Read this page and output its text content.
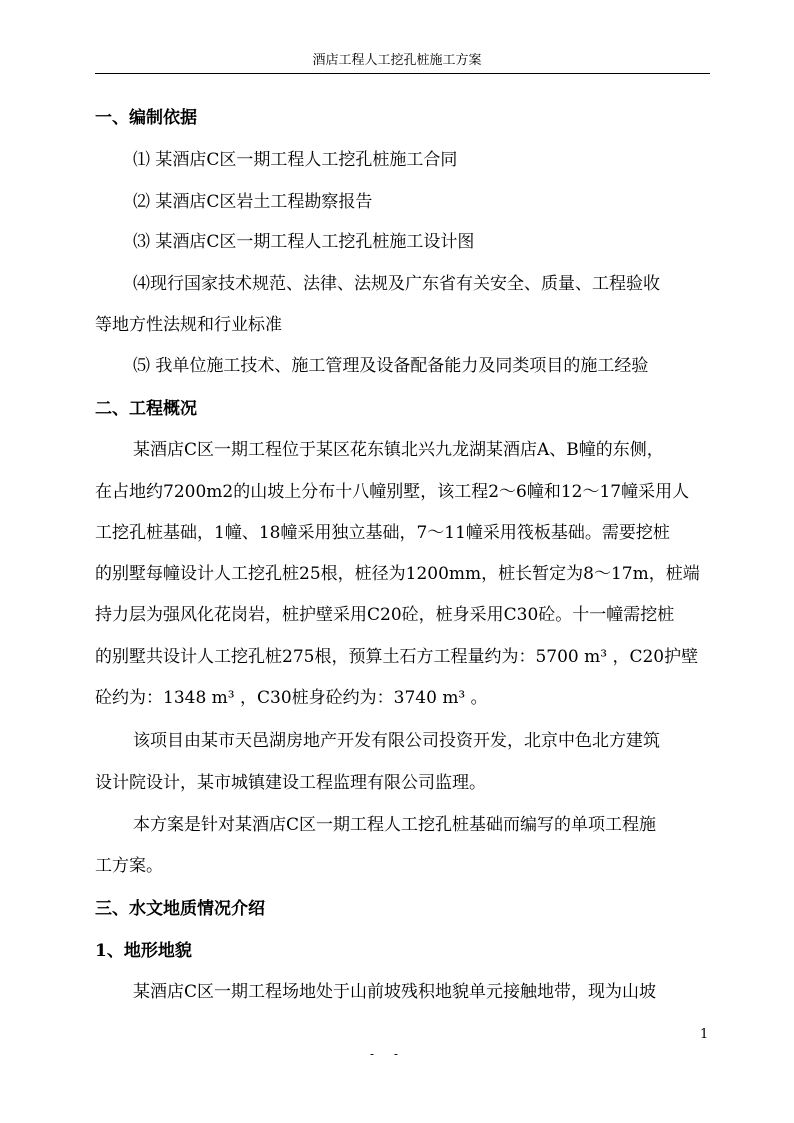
酒店工程人工挖孔桩施工方案
一、编制依据
⑴ 某酒店C区一期工程人工挖孔桩施工合同
⑵ 某酒店C区岩土工程勘察报告
⑶ 某酒店C区一期工程人工挖孔桩施工设计图
⑷现行国家技术规范、法律、法规及广东省有关安全、质量、工程验收
等地方性法规和行业标准
⑸ 我单位施工技术、施工管理及设备配备能力及同类项目的施工经验
二、工程概况
某酒店C区一期工程位于某区花东镇北兴九龙湖某酒店A、B幢的东侧，
在占地约7200m2的山坡上分布十八幢别墅，该工程2～6幢和12～17幢采用人
工挖孔桩基础，1幢、18幢采用独立基础，7～11幢采用筏板基础。需要挖桩
的别墅每幢设计人工挖孔桩25根，桩径为1200mm，桩长暂定为8～17m，桩端
持力层为强风化花岗岩，桩护壁采用C20砼，桩身采用C30砼。十一幢需挖桩
的别墅共设计人工挖孔桩275根，预算土石方工程量约为：5700 m³ ，C20护壁
砼约为：1348 m³ ，C30桩身砼约为：3740 m³ 。
该项目由某市天邑湖房地产开发有限公司投资开发，北京中色北方建筑
设计院设计，某市城镇建设工程监理有限公司监理。
本方案是针对某酒店C区一期工程人工挖孔桩基础而编写的单项工程施
工方案。
三、水文地质情况介绍
1、地形地貌
某酒店C区一期工程场地处于山前坡残积地貌单元接触地带，现为山坡
1
- -
